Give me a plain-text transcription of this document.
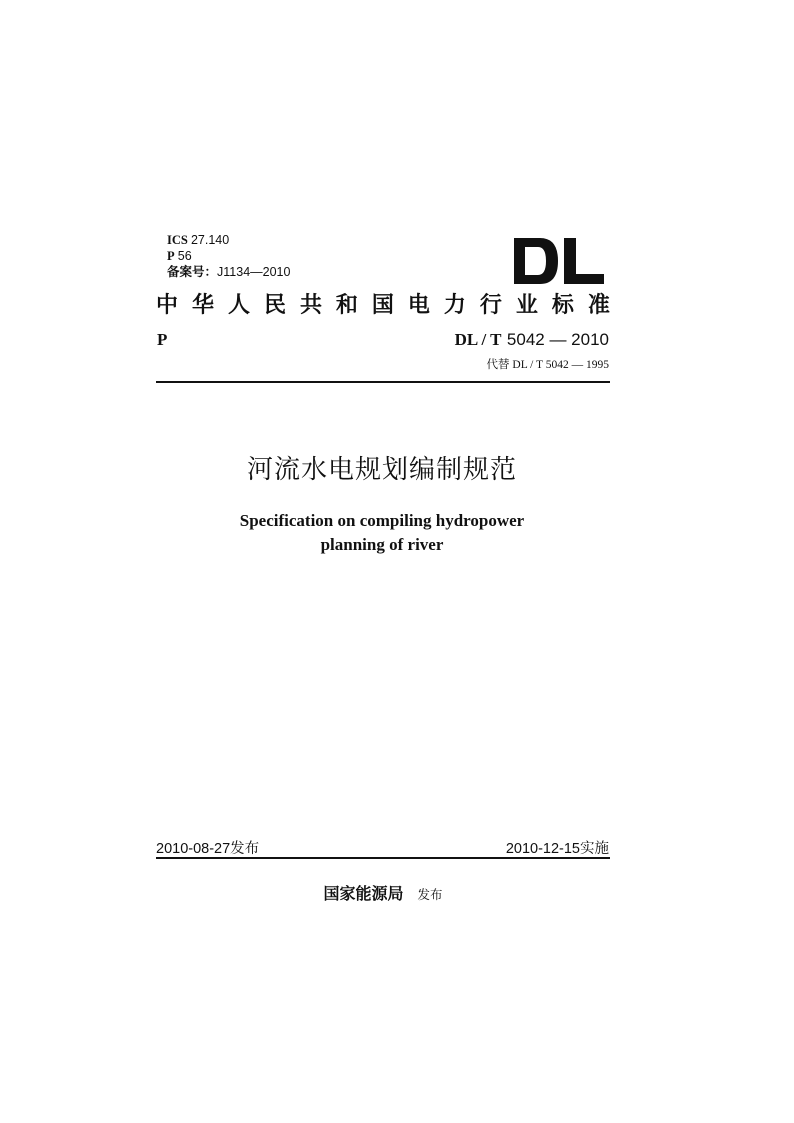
ICS 27.140
P 56
备案号：J1134—2010
中 华 人 民 共 和 国 电 力 行 业 标 准
P	DL / T 5042 — 2010
代替 DL / T 5042 — 1995
河流水电规划编制规范
Specification on compiling hydropower
planning of river
2010-08-27发布	2010-12-15实施
国家能源局 发布
